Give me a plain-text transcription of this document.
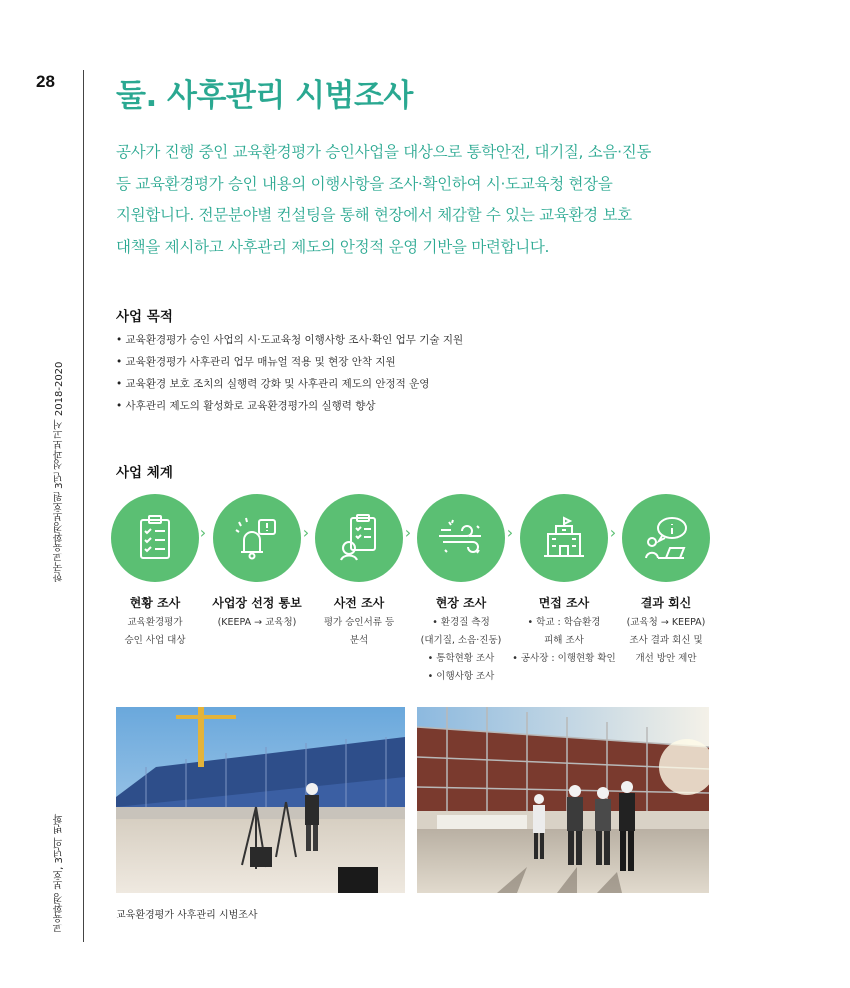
28
한국교육환경보호원 3년 성과보고서 2018-2020
교육환경 보호, 3년의 변화
둘. 사후관리 시범조사

공사가 진행 중인 교육환경평가 승인사업을 대상으로 통학안전, 대기질, 소음·진동
등 교육환경평가 승인 내용의 이행사항을 조사·확인하여 시·도교육청 현장을
지원합니다. 전문분야별 컨설팅을 통해 현장에서 체감할 수 있는 교육환경 보호
대책을 제시하고 사후관리 제도의 안정적 운영 기반을 마련합니다.

사업 목적
• 교육환경평가 승인 사업의 시·도교육청 이행사항 조사·확인 업무 기술 지원
• 교육환경평가 사후관리 업무 매뉴얼 적용 및 현장 안착 지원
• 교육환경 보호 조치의 실행력 강화 및 사후관리 제도의 안정적 운영
• 사후관리 제도의 활성화로 교육환경평가의 실행력 향상
사업 체계
현황 조사
교육환경평가
승인 사업 대상
›
사업장 선정 통보
(KEEPA → 교육청)
›
사전 조사
평가 승인서류 등
분석
›
현장 조사
• 환경질 측정
(대기질, 소음·진동)
• 통학현황 조사
• 이행사항 조사
›
면접 조사
• 학교 : 학습환경
피해 조사
• 공사장 : 이행현황 확인
›
결과 회신
(교육청 → KEEPA)
조사 결과 회신 및
개선 방안 제안
교육환경평가 사후관리 시범조사
